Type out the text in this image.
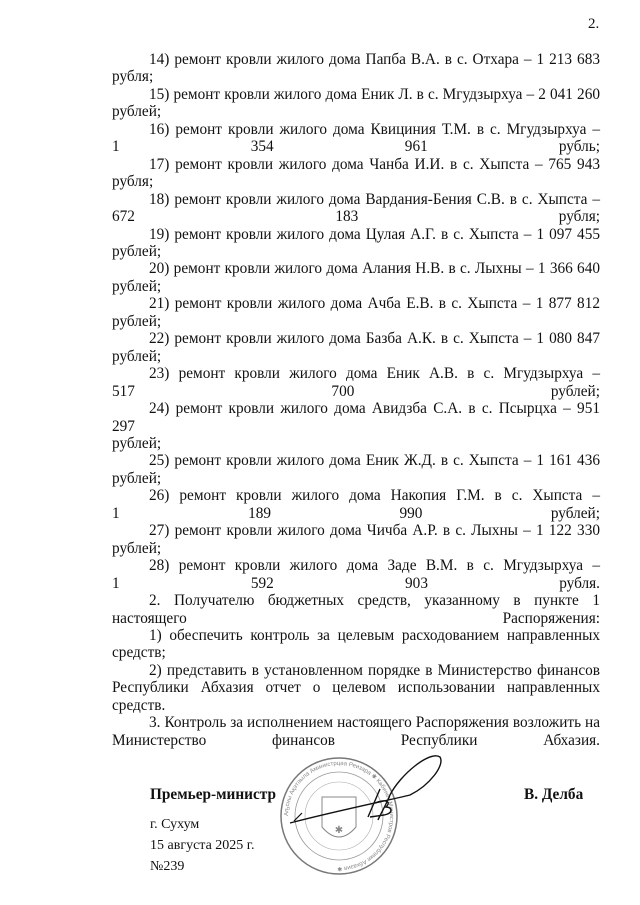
2.
14) ремонт кровли жилого дома Папба В.А. в с. Отхара – 1 213 683
рубля;
15) ремонт кровли жилого дома Еник Л. в с. Мгудзырхуа – 2 041 260
рублей;
16) ремонт кровли жилого дома Квициния Т.М. в с. Мгудзырхуа –
1 354 961 рубль;
17) ремонт кровли жилого дома Чанба И.И. в с. Хыпста – 765 943
рубля;
18) ремонт кровли жилого дома Вардания-Бения С.В. в с. Хыпста –
672 183 рубля;
19) ремонт кровли жилого дома Цулая А.Г. в с. Хыпста – 1 097 455
рублей;
20) ремонт кровли жилого дома Алания Н.В. в с. Лыхны – 1 366 640
рублей;
21) ремонт кровли жилого дома Ачба Е.В. в с. Хыпста – 1 877 812
рублей;
22) ремонт кровли жилого дома Базба А.К. в с. Хыпста – 1 080 847
рублей;
23) ремонт кровли жилого дома Еник А.В. в с. Мгудзырхуа –
517 700 рублей;
24) ремонт кровли жилого дома Авидзба С.А. в с. Псырцха – 951 297
рублей;
25) ремонт кровли жилого дома Еник Ж.Д. в с. Хыпста – 1 161 436
рублей;
26) ремонт кровли жилого дома Накопия Г.М. в с. Хыпста –
1 189 990 рублей;
27) ремонт кровли жилого дома Чичба А.Р. в с. Лыхны – 1 122 330
рублей;
28) ремонт кровли жилого дома Заде В.М. в с. Мгудзырхуа –
1 592 903 рубля.
2. Получателю бюджетных средств, указанному в пункте 1
настоящего Распоряжения:
1) обеспечить контроль за целевым расходованием направленных
средств;
2) представить в установленном порядке в Министерство финансов
Республики Абхазия отчет о целевом использовании направленных
средств.
3. Контроль за исполнением настоящего Распоряжения возложить на
Министерство финансов Республики Абхазия.
Премьер-министр	В. Делба
г. Сухум
15 августа 2025 г.
№239
✱
Аҧсны Ақәтәыла Аминистрцәа Реизара ✱ Кабинет Министров Республики Абхазия ✱
